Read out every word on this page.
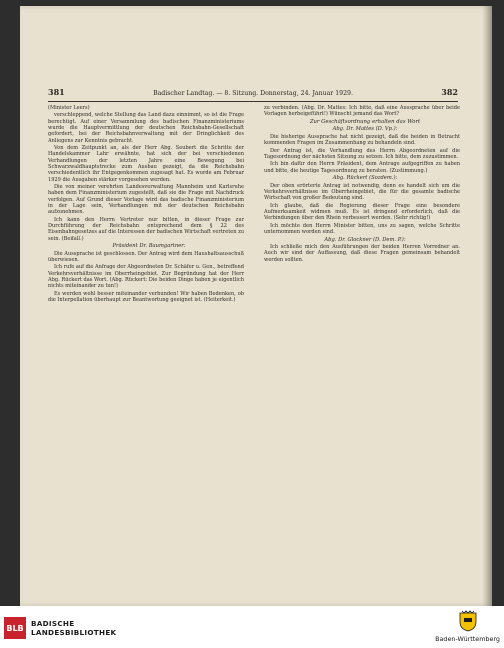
381	Badischer Landtag. — 8. Sitzung. Donnerstag, 24. Januar 1929.	382

(Minister Leers)

verschleppend, welche Stellung das Land dazu einnimmt, so ist die Frage berechtigt. Auf einer Versammlung des badischen Finanzministeriums wurde die Hauptvermittlung der deutschen Reichsbahn-Gesellschaft gefordert, bei der Reichsbahnverwaltung mit der Dringlichkeit des Anliegens zur Kenntnis gebracht.

Von dem Zeitpunkt an, als der Herr Abg. Seubert die Schritte der Handelskammer Lahr erwähnte, hat sich der bei verschiedenen Verhandlungen der letzten Jahre eine Bewegung bei Schwarzwaldhauptstrecke zum Ausbau gezeigt, da die Reichsbahn verschiedentlich ihr Entgegenkommen zugesagt hat. Es wurde am Februar 1929 die Ausgaben stärker vorgesehen werden.

Die von meiner verehrten Landesverwaltung Mannheim und Karlsruhe haben dem Finanzministerium zugestellt, daß sie die Frage mit Nachdruck verfolgen. Auf Grund dieser Vorlage wird das badische Finanzministerium in der Lage sein, Verhandlungen mit der deutschen Reichsbahn aufzunehmen.

Ich kann den Herrn Vertreter nur bitten, in dieser Frage zur Durchführung der Reichsbahn entsprechend dem § 22 des Eisenbahngesetzes auf die Interessen der badischen Wirtschaft vertreten zu sein. (Beifall.)

Präsident Dr. Baumgartner:

Die Aussprache ist geschlossen. Der Antrag wird dem Haushaltsausschuß überwiesen.

Ich rufe auf die Anfrage der Abgeordneten Dr. Schäfer u. Gen., betreffend Verkehrsverhältnisse im Oberrheingebiet. Zur Begründung hat der Herr Abg. Rückert das Wort. (Abg. Rückert: Die beiden Dinge haben je eigentlich nichts miteinander zu tun!)

Es werden wohl besser miteinander verbunden! Wir haben Bedenken, ob die Interpellation überhaupt zur Beantwortung geeignet ist. (Heiterkeit.)

zu verbinden. (Abg. Dr. Mattes: Ich bitte, daß eine Aussprache über beide Vorlagen herbeigeführt!) Wünscht jemand das Wort?

Zur Geschäftsordnung erhalten das Wort

Abg. Dr. Mattes (D. Vp.):

Die bisherige Aussprache hat nicht gezeigt, daß die beiden in Betracht kommenden Fragen im Zusammenhang zu behandeln sind.

Der Antrag ist, die Verhandlung des Herrn Abgeordneten auf die Tagesordnung der nächsten Sitzung zu setzen. Ich bitte, dem zuzustimmen.

Ich bin dafür den Herrn Präsident, dem Antrage aufgegriffen zu haben und bitte, die heutige Tagesordnung zu beraten. (Zustimmung.)

Abg. Rückert (Sozdem.):

Der oben erörterte Antrag ist notwendig, denn es handelt sich um die Verkehrsverhältnisse im Oberrheingebiet, die für die gesamte badische Wirtschaft von großer Bedeutung sind.

Ich glaube, daß die Regierung dieser Frage eine besondere Aufmerksamkeit widmen muß. Es ist dringend erforderlich, daß die Verbindungen über den Rhein verbessert werden. (Sehr richtig!)

Ich möchte den Herrn Minister bitten, uns zu sagen, welche Schritte unternommen worden sind.

Abg. Dr. Glockner (D. Dem. P.):

Ich schließe mich den Ausführungen der beiden Herren Vorredner an. Auch wir sind der Auffassung, daß diese Fragen gemeinsam behandelt werden sollten.

BLB	BADISCHE
LANDESBIBLIOTHEK
Baden-Württemberg
